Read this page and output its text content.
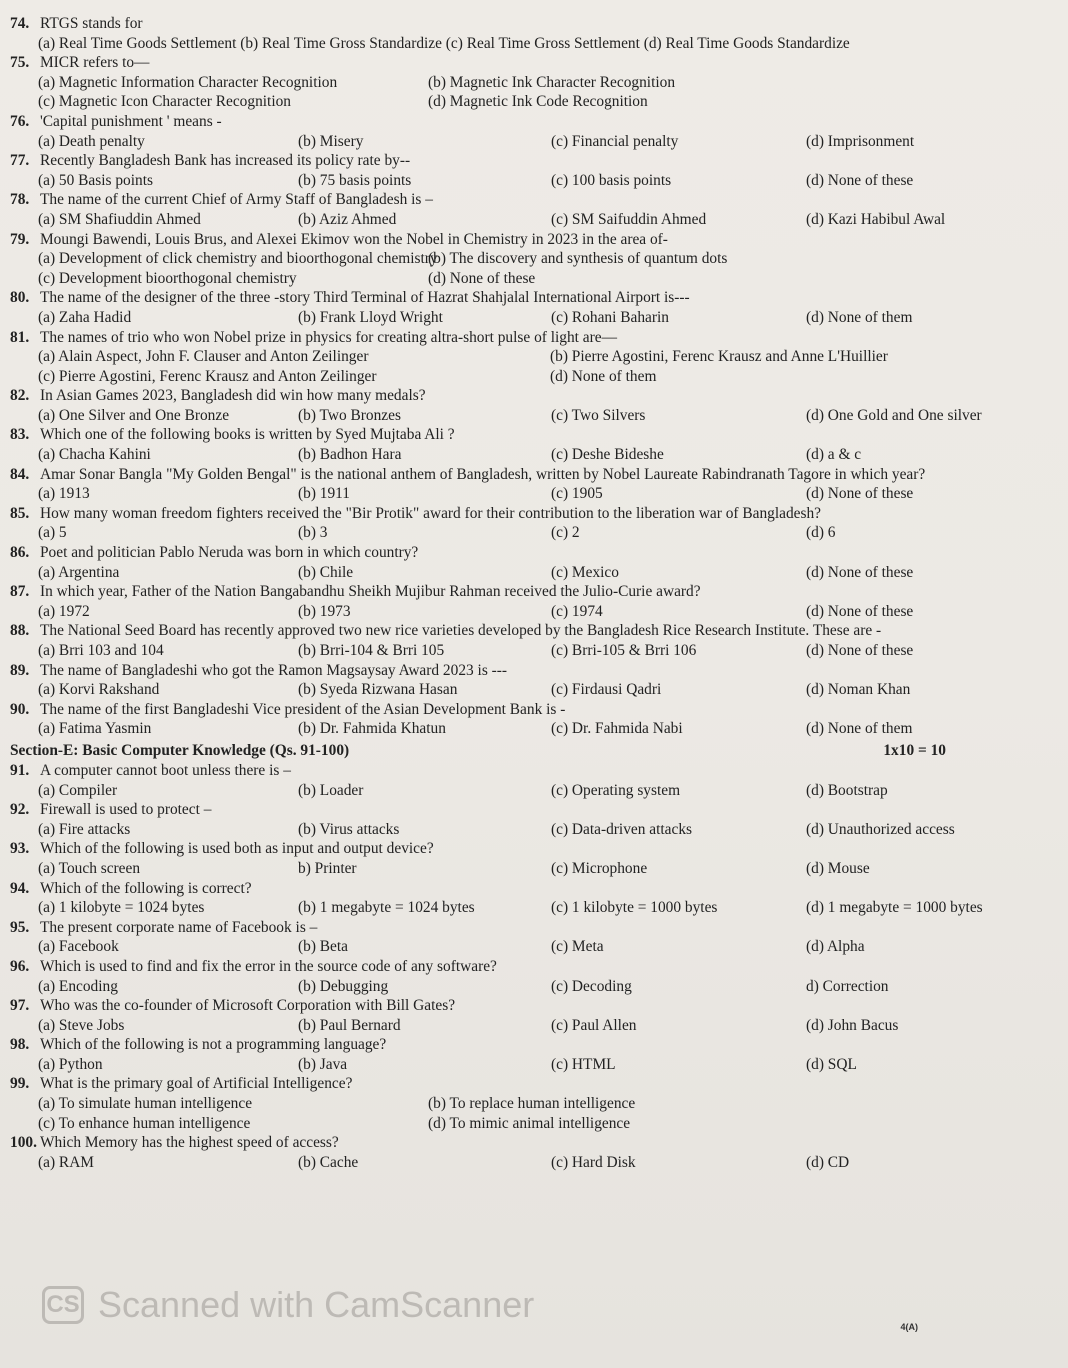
74. RTGS stands for
(a) Real Time Goods Settlement (b) Real Time Gross Standardize (c) Real Time Gross Settlement (d) Real Time Goods Standardize
75. MICR refers to—
(a) Magnetic Information Character Recognition	(b) Magnetic Ink Character Recognition
(c) Magnetic Icon Character Recognition	(d) Magnetic Ink Code Recognition
76. 'Capital punishment ' means -
(a) Death penalty	(b) Misery	(c) Financial penalty	(d) Imprisonment
77. Recently Bangladesh Bank has increased its policy rate by--
(a) 50 Basis points	(b) 75 basis points	(c) 100 basis points	(d) None of these
78. The name of the current Chief of Army Staff of Bangladesh is –
(a) SM Shafiuddin Ahmed	(b) Aziz Ahmed	(c) SM Saifuddin Ahmed	(d) Kazi Habibul Awal
79. Moungi Bawendi, Louis Brus, and Alexei Ekimov won the Nobel in Chemistry in 2023 in the area of-
(a) Development of click chemistry and bioorthogonal chemistry
(b) The discovery and synthesis of quantum dots
(c) Development bioorthogonal chemistry	(d) None of these
80. The name of the designer of the three -story Third Terminal of Hazrat Shahjalal International Airport is---
(a) Zaha Hadid	(b) Frank Lloyd Wright	(c) Rohani Baharin	(d) None of them
81. The names of trio who won Nobel prize in physics for creating altra-short pulse of light are—
(a) Alain Aspect, John F. Clauser and Anton Zeilinger	(b) Pierre Agostini, Ferenc Krausz and Anne L'Huillier
(c) Pierre Agostini, Ferenc Krausz and Anton Zeilinger	(d) None of them
82. In Asian Games 2023, Bangladesh did win how many medals?
(a) One Silver and One Bronze	(b) Two Bronzes	(c) Two Silvers	(d) One Gold and One silver
83. Which one of the following books is written by Syed Mujtaba Ali ?
(a) Chacha Kahini	(b) Badhon Hara	(c) Deshe Bideshe	(d) a & c
84. Amar Sonar Bangla "My Golden Bengal" is the national anthem of Bangladesh, written by Nobel Laureate Rabindranath Tagore in which year?
(a) 1913	(b) 1911	(c) 1905	(d) None of these
85. How many woman freedom fighters received the "Bir Protik" award for their contribution to the liberation war of Bangladesh?
(a) 5	(b) 3	(c) 2	(d) 6
86. Poet and politician Pablo Neruda was born in which country?
(a) Argentina	(b) Chile	(c) Mexico	(d) None of these
87. In which year, Father of the Nation Bangabandhu Sheikh Mujibur Rahman received the Julio-Curie award?
(a) 1972	(b) 1973	(c) 1974	(d) None of these
88. The National Seed Board has recently approved two new rice varieties developed by the Bangladesh Rice Research Institute. These are -
(a) Brri 103 and 104	(b) Brri-104 & Brri 105	(c) Brri-105 & Brri 106	(d) None of these
89. The name of Bangladeshi who got the Ramon Magsaysay Award 2023 is ---
(a) Korvi Rakshand	(b) Syeda Rizwana Hasan	(c) Firdausi Qadri	(d) Noman Khan
90. The name of the first Bangladeshi Vice president of the Asian Development Bank is -
(a) Fatima Yasmin	(b) Dr. Fahmida Khatun	(c) Dr. Fahmida Nabi	(d) None of them
Section-E: Basic Computer Knowledge (Qs. 91-100)	1x10 = 10
91. A computer cannot boot unless there is –
(a) Compiler	(b) Loader	(c) Operating system	(d) Bootstrap
92. Firewall is used to protect –
(a) Fire attacks	(b) Virus attacks	(c) Data-driven attacks	(d) Unauthorized access
93. Which of the following is used both as input and output device?
(a) Touch screen	b) Printer	(c) Microphone	(d) Mouse
94. Which of the following is correct?
(a) 1 kilobyte = 1024 bytes	(b) 1 megabyte = 1024 bytes	(c) 1 kilobyte = 1000 bytes	(d) 1 megabyte = 1000 bytes
95. The present corporate name of Facebook is –
(a) Facebook	(b) Beta	(c) Meta	(d) Alpha
96. Which is used to find and fix the error in the source code of any software?
(a) Encoding	(b) Debugging	(c) Decoding	d) Correction
97. Who was the co-founder of Microsoft Corporation with Bill Gates?
(a) Steve Jobs	(b) Paul Bernard	(c) Paul Allen	(d) John Bacus
98. Which of the following is not a programming language?
(a) Python	(b) Java	(c) HTML	(d) SQL
99. What is the primary goal of Artificial Intelligence?
(a) To simulate human intelligence	(b) To replace human intelligence
(c) To enhance human intelligence	(d) To mimic animal intelligence
100. Which Memory has the highest speed of access?
(a) RAM	(b) Cache	(c) Hard Disk	(d) CD
CS Scanned with CamScanner
4(A)
